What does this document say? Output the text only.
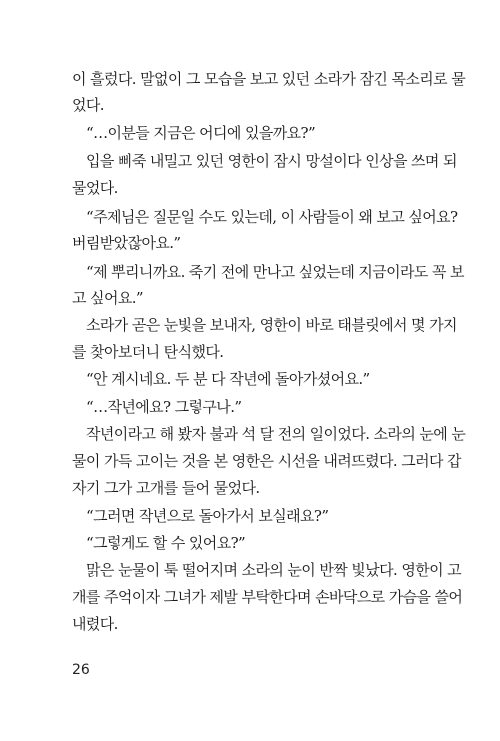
이 흘렀다. 말없이 그 모습을 보고 있던 소라가 잠긴 목소리로 물
었다.
“…이분들 지금은 어디에 있을까요?”
입을 삐죽 내밀고 있던 영한이 잠시 망설이다 인상을 쓰며 되
물었다.
“주제님은 질문일 수도 있는데, 이 사람들이 왜 보고 싶어요?
버림받았잖아요.”
“제 뿌리니까요. 죽기 전에 만나고 싶었는데 지금이라도 꼭 보
고 싶어요.”
소라가 곧은 눈빛을 보내자, 영한이 바로 태블릿에서 몇 가지
를 찾아보더니 탄식했다.
“안 계시네요. 두 분 다 작년에 돌아가셨어요.”
“…작년에요? 그렇구나.”
작년이라고 해 봤자 불과 석 달 전의 일이었다. 소라의 눈에 눈
물이 가득 고이는 것을 본 영한은 시선을 내려뜨렸다. 그러다 갑
자기 그가 고개를 들어 물었다.
“그러면 작년으로 돌아가서 보실래요?”
“그렇게도 할 수 있어요?”
맑은 눈물이 툭 떨어지며 소라의 눈이 반짝 빛났다. 영한이 고
개를 주억이자 그녀가 제발 부탁한다며 손바닥으로 가슴을 쓸어
내렸다.
26
